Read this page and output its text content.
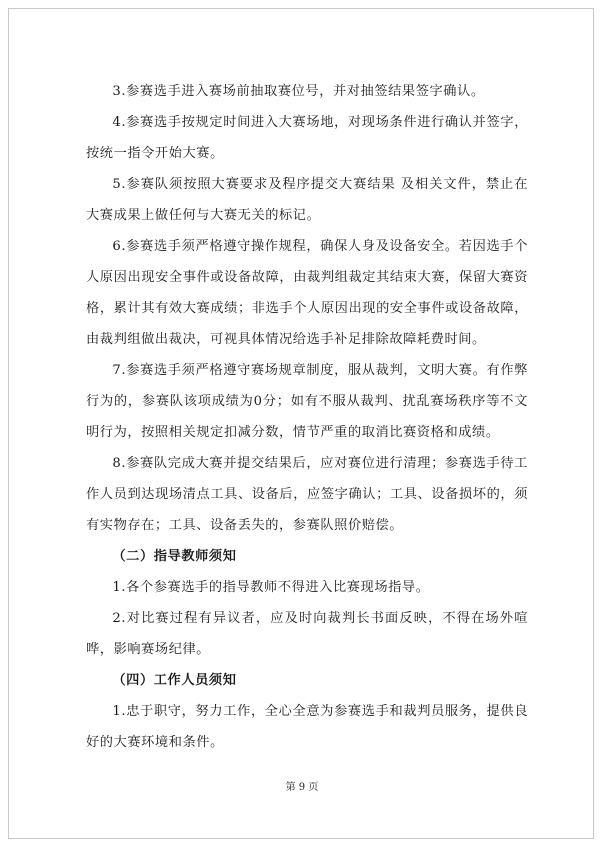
3.参赛选手进入赛场前抽取赛位号，并对抽签结果签字确认。

4.参赛选手按规定时间进入大赛场地，对现场条件进行确认并签字，按统一指令开始大赛。

5.参赛队须按照大赛要求及程序提交大赛结果 及相关文件，禁止在大赛成果上做任何与大赛无关的标记。

6.参赛选手须严格遵守操作规程，确保人身及设备安全。若因选手个人原因出现安全事件或设备故障，由裁判组裁定其结束大赛，保留大赛资格，累计其有效大赛成绩；非选手个人原因出现的安全事件或设备故障，由裁判组做出裁决，可视具体情况给选手补足排除故障耗费时间。

7.参赛选手须严格遵守赛场规章制度，服从裁判，文明大赛。有作弊行为的，参赛队该项成绩为0分；如有不服从裁判、扰乱赛场秩序等不文明行为，按照相关规定扣减分数，情节严重的取消比赛资格和成绩。

8.参赛队完成大赛并提交结果后，应对赛位进行清理；参赛选手待工作人员到达现场清点工具、设备后，应签字确认；工具、设备损坏的，须有实物存在；工具、设备丢失的，参赛队照价赔偿。

（二）指导教师须知

1.各个参赛选手的指导教师不得进入比赛现场指导。

2.对比赛过程有异议者，应及时向裁判长书面反映，不得在场外喧哗，影响赛场纪律。

（四）工作人员须知

1.忠于职守，努力工作，全心全意为参赛选手和裁判员服务，提供良好的大赛环境和条件。

第 9 页
